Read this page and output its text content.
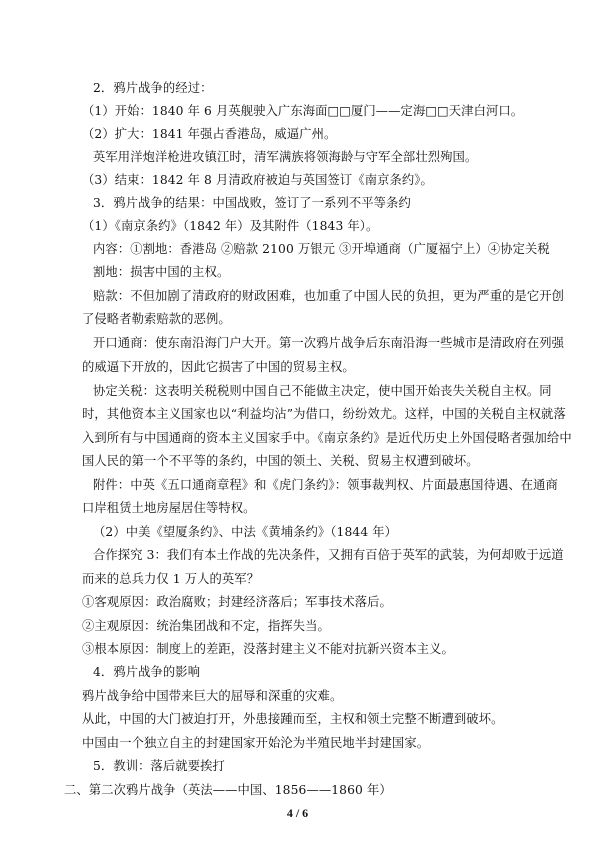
2．鸦片战争的经过：
（1）开始：1840 年 6 月英舰驶入广东海面□□厦门——定海□□天津白河口。
（2）扩大：1841 年强占香港岛，威逼广州。
英军用洋炮洋枪进攻镇江时，清军满族将领海龄与守军全部壮烈殉国。
（3）结束：1842 年 8 月清政府被迫与英国签订《南京条约》。
3．鸦片战争的结果：中国战败，签订了一系列不平等条约
（1）《南京条约》（1842 年）及其附件（1843 年）。
内容：①割地：香港岛 ②赔款 2100 万银元 ③开埠通商（广厦福宁上）④协定关税
割地：损害中国的主权。
赔款：不但加剧了清政府的财政困难，也加重了中国人民的负担，更为严重的是它开创
了侵略者勒索赔款的恶例。
开口通商：使东南沿海门户大开。第一次鸦片战争后东南沿海一些城市是清政府在列强
的威逼下开放的，因此它损害了中国的贸易主权。
协定关税：这表明关税税则中国自己不能做主决定，使中国开始丧失关税自主权。同
时，其他资本主义国家也以“利益均沾”为借口，纷纷效尤。这样，中国的关税自主权就落
入到所有与中国通商的资本主义国家手中。《南京条约》是近代历史上外国侵略者强加给中
国人民的第一个不平等的条约，中国的领土、关税、贸易主权遭到破坏。
附件：中英《五口通商章程》和《虎门条约》：领事裁判权、片面最惠国待遇、在通商
口岸租赁土地房屋居住等特权。
（2）中美《望厦条约》、中法《黄埔条约》（1844 年）
合作探究 3：我们有本土作战的先决条件，又拥有百倍于英军的武装，为何却败于远道
而来的总兵力仅 1 万人的英军？
①客观原因：政治腐败；封建经济落后；军事技术落后。
②主观原因：统治集团战和不定，指挥失当。
③根本原因：制度上的差距，没落封建主义不能对抗新兴资本主义。
4．鸦片战争的影响
鸦片战争给中国带来巨大的屈辱和深重的灾难。
从此，中国的大门被迫打开，外患接踵而至，主权和领土完整不断遭到破坏。
中国由一个独立自主的封建国家开始沦为半殖民地半封建国家。
5．教训：落后就要挨打
二、第二次鸦片战争（英法——中国、1856——1860 年）
4 / 6
